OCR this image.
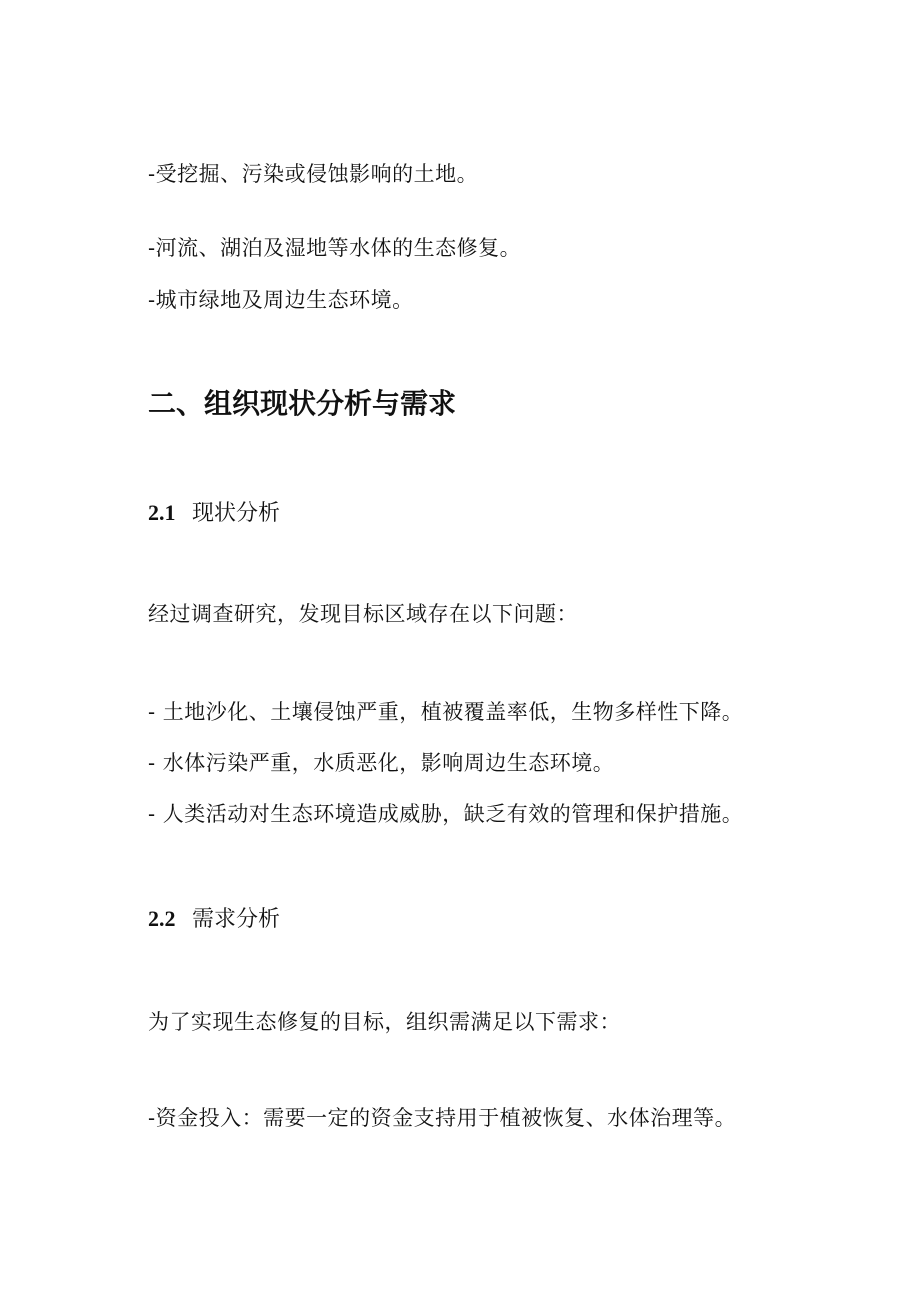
-受挖掘、污染或侵蚀影响的土地。
-河流、湖泊及湿地等水体的生态修复。
-城市绿地及周边生态环境。
二、组织现状分析与需求
2.1 现状分析
经过调查研究，发现目标区域存在以下问题：
- 土地沙化、土壤侵蚀严重，植被覆盖率低，生物多样性下降。
- 水体污染严重，水质恶化，影响周边生态环境。
- 人类活动对生态环境造成威胁，缺乏有效的管理和保护措施。
2.2 需求分析
为了实现生态修复的目标，组织需满足以下需求：
-资金投入：需要一定的资金支持用于植被恢复、水体治理等。
